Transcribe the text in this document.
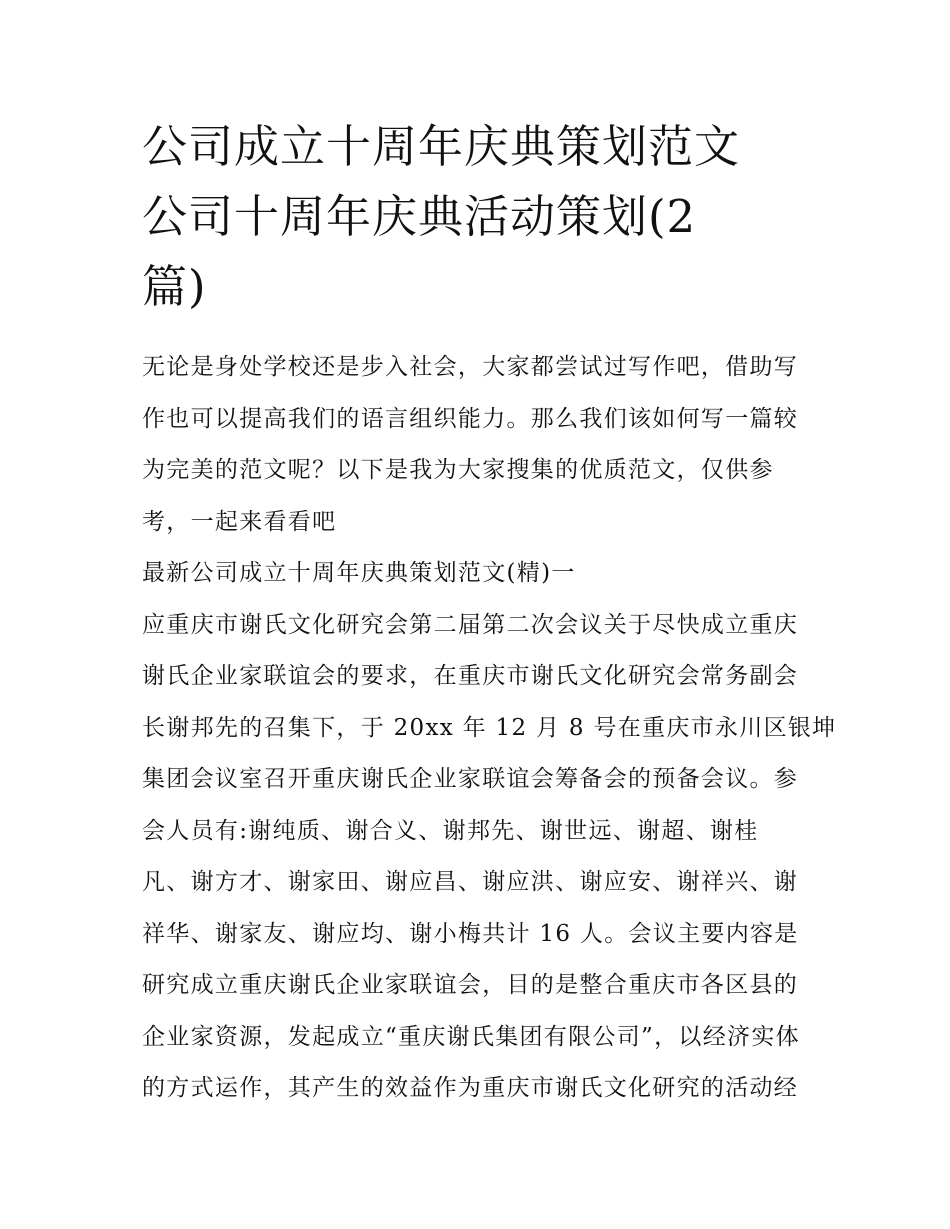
公司成立十周年庆典策划范文
公司十周年庆典活动策划(2
篇)
无论是身处学校还是步入社会，大家都尝试过写作吧，借助写
作也可以提高我们的语言组织能力。那么我们该如何写一篇较
为完美的范文呢？以下是我为大家搜集的优质范文，仅供参
考，一起来看看吧
最新公司成立十周年庆典策划范文(精)一
应重庆市谢氏文化研究会第二届第二次会议关于尽快成立重庆
谢氏企业家联谊会的要求，在重庆市谢氏文化研究会常务副会
长谢邦先的召集下，于 20xx 年 12 月 8 号在重庆市永川区银坤
集团会议室召开重庆谢氏企业家联谊会筹备会的预备会议。参
会人员有:谢纯质、谢合义、谢邦先、谢世远、谢超、谢桂
凡、谢方才、谢家田、谢应昌、谢应洪、谢应安、谢祥兴、谢
祥华、谢家友、谢应均、谢小梅共计 16 人。会议主要内容是
研究成立重庆谢氏企业家联谊会，目的是整合重庆市各区县的
企业家资源，发起成立“重庆谢氏集团有限公司”，以经济实体
的方式运作，其产生的效益作为重庆市谢氏文化研究的活动经
